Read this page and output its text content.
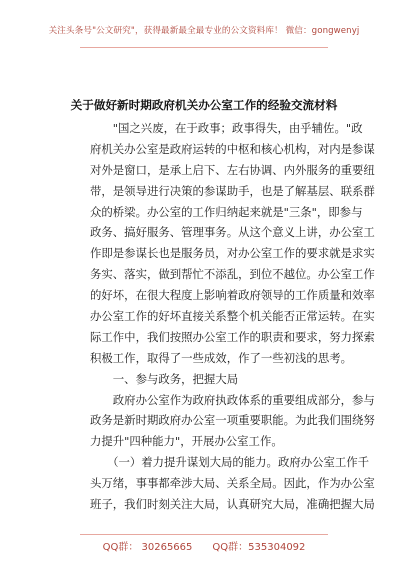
关注头条号"公文研究"，获得最新最全最专业的公文资料库！ 微信：gongwenyj
关于做好新时期政府机关办公室工作的经验交流材料
　　"国之兴废，在于政事；政事得失，由乎辅佐。"政
府机关办公室是政府运转的中枢和核心机构，对内是参谋
对外是窗口，是承上启下、左右协调、内外服务的重要纽
带，是领导进行决策的参谋助手，也是了解基层、联系群
众的桥梁。办公室的工作归纳起来就是"三条"，即参与
政务、搞好服务、管理事务。从这个意义上讲，办公室工
作即是参谋长也是服务员，对办公室工作的要求就是求实
务实、落实，做到帮忙不添乱，到位不越位。办公室工作
的好坏，在很大程度上影响着政府领导的工作质量和效率
办公室工作的好坏直接关系整个机关能否正常运转。在实
际工作中，我们按照办公室工作的职责和要求，努力探索
积极工作，取得了一些成效，作了一些初浅的思考。
　　一、参与政务，把握大局
　　政府办公室作为政府执政体系的重要组成部分，参与
政务是新时期政府办公室一项重要职能。为此我们围绕努
力提升"四种能力"，开展办公室工作。
　　（一）着力提升谋划大局的能力。政府办公室工作千
头万绪，事事都牵涉大局、关系全局。因此，作为办公室
班子，我们时刻关注大局，认真研究大局，准确把握大局
QQ群： 30265665　　QQ群：535304092
